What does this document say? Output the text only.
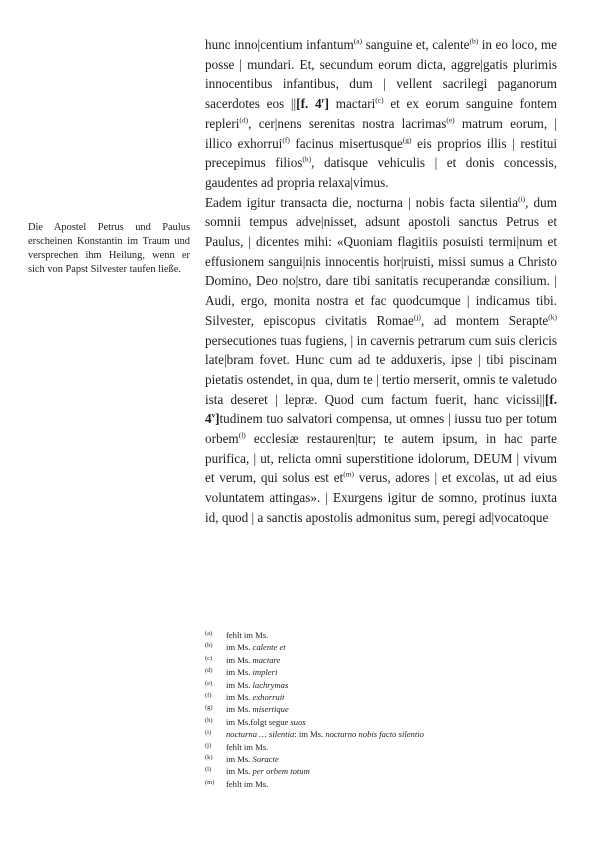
Die Apostel Petrus und Paulus erscheinen Konstantin im Traum und versprechen ihm Heilung, wenn er sich von Papst Silvester taufen ließe.

hunc inno|centium infantum$^{(a)}$ sanguine et, calente$^{(b)}$ in eo loco, me posse | mundari. Et, secundum eorum dicta, aggre|gatis plurimis innocentibus infantibus, dum | vellent sacrilegi paganorum sacerdotes eos ||[f. 4$^r$] mactari$^{(c)}$ et ex eorum sanguine fontem repleri$^{(d)}$, cer|nens serenitas nostra lacrimas$^{(e)}$ matrum eorum, | illico exhorrui$^{(f)}$ facinus misertusque$^{(g)}$ eis proprios illis | restitui precepimus filios$^{(h)}$, datisque vehiculis | et donis concessis, gaudentes ad propria relaxa|vimus.

Eadem igitur transacta die, nocturna | nobis facta silentia$^{(i)}$, dum somnii tempus adve|nisset, adsunt apostoli sanctus Petrus et Paulus, | dicentes mihi: «Quoniam flagitiis posuisti termi|num et effusionem sangui|nis innocentis hor|ruisti, missi sumus a Christo Domino, Deo no|stro, dare tibi sanitatis recuperandæ consilium. | Audi, ergo, monita nostra et fac quodcumque | indicamus tibi. Silvester, episcopus civitatis Romae$^{(j)}$, ad montem Serapte$^{(k)}$ persecutiones tuas fugiens, | in cavernis petrarum cum suis clericis late|bram fovet. Hunc cum ad te adduxeris, ipse | tibi piscinam pietatis ostendet, in qua, dum te | tertio merserit, omnis te valetudo ista deseret | lepræ. Quod cum factum fuerit, hanc vicissi||[f. 4$^v$]tudinem tuo salvatori compensa, ut omnes | iussu tuo per totum orbem$^{(l)}$ ecclesiæ restauren|tur; te autem ipsum, in hac parte purifica, | ut, relicta omni superstitione idolorum, DEUM | vivum et verum, qui solus est $et^{(m)}$ verus, adores | et excolas, ut ad eius voluntatem attingas». | Exurgens igitur de somno, protinus iuxta id, quod | a sanctis apostolis admonitus sum, peregi ad|vocatoque

(a)	fehlt im Ms.
(b)	im Ms. calente et
(c)	im Ms. mactare
(d)	im Ms. impleri
(e)	im Ms. lachrymas
(f)	im Ms. exhorruit
(g)	im Ms. misertique
(h)	im Ms.folgt segue suos
(i)	nocturna … silentia: im Ms. nocturno nobis facto silentio
(j)	fehlt im Ms.
(k)	im Ms. Soracte
(l)	im Ms. per orbem totum
(m)	fehlt im Ms.
